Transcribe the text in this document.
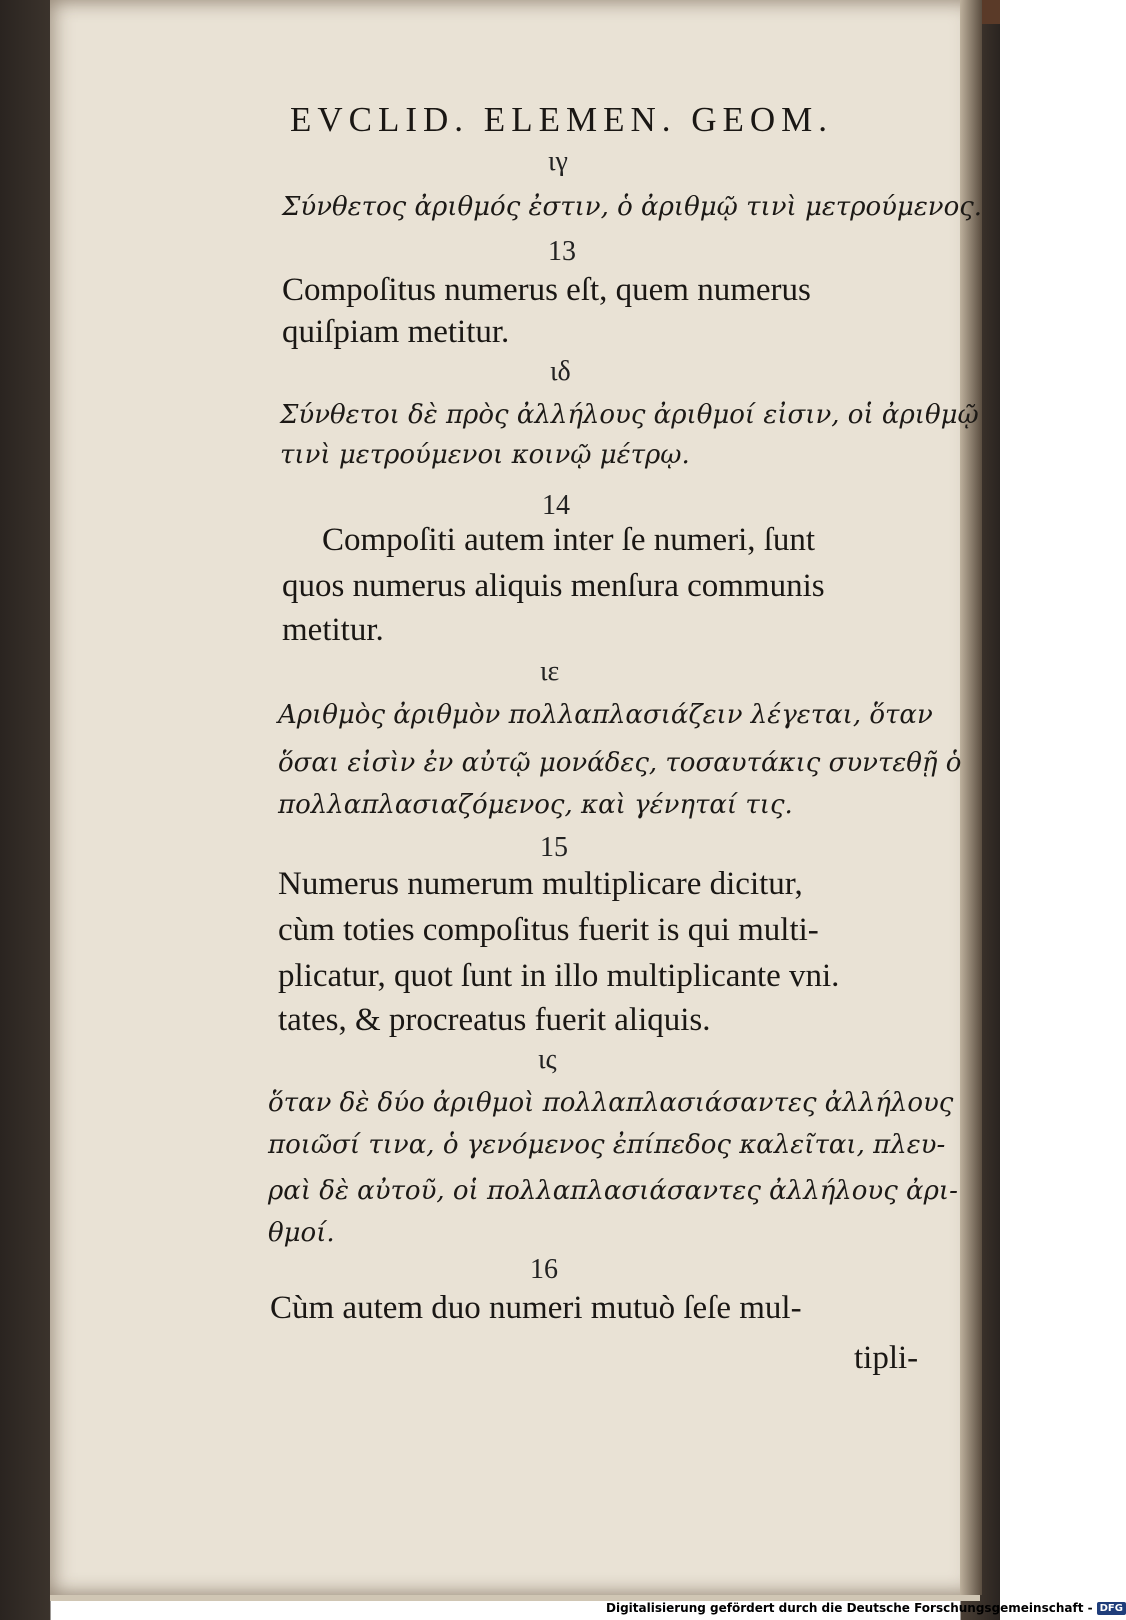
EVCLID. ELEMEN. GEOM.
ιγ
Σύνθετος ἀριθμός ἐστιν, ὁ ἀριθμῷ τινὶ μετρούμενος.
13
Compoſitus numerus eſt, quem numerus
quiſpiam metitur.
ιδ
Σύνθετοι δὲ πρὸς ἀλλήλους ἀριθμοί εἰσιν, οἱ ἀριθμῷ
τινὶ μετρούμενοι κοινῷ μέτρῳ.
14
Compoſiti autem inter ſe numeri, ſunt
quos numerus aliquis menſura communis
metitur.
ιε
Αριθμὸς ἀριθμὸν πολλαπλασιάζειν λέγεται, ὅταν
ὅσαι εἰσὶν ἐν αὐτῷ μονάδες, τοσαυτάκις συντεθῇ ὁ
πολλαπλασιαζόμενος, καὶ γένηταί τις.
15
Numerus numerum multiplicare dicitur,
cùm toties compoſitus fuerit is qui multi-
plicatur, quot ſunt in illo multiplicante vni.
tates, & procreatus fuerit aliquis.
ις
ὅταν δὲ δύο ἀριθμοὶ πολλαπλασιάσαντες ἀλλήλους
ποιῶσί τινα, ὁ γενόμενος ἐπίπεδος καλεῖται, πλευ-
ραὶ δὲ αὐτοῦ, οἱ πολλαπλασιάσαντες ἀλλήλους ἀρι-
θμοί.
16
Cùm autem duo numeri mutuò ſeſe mul-
tipli-
Digitalisierung gefördert durch die Deutsche Forschungsgemeinschaft - DFG
